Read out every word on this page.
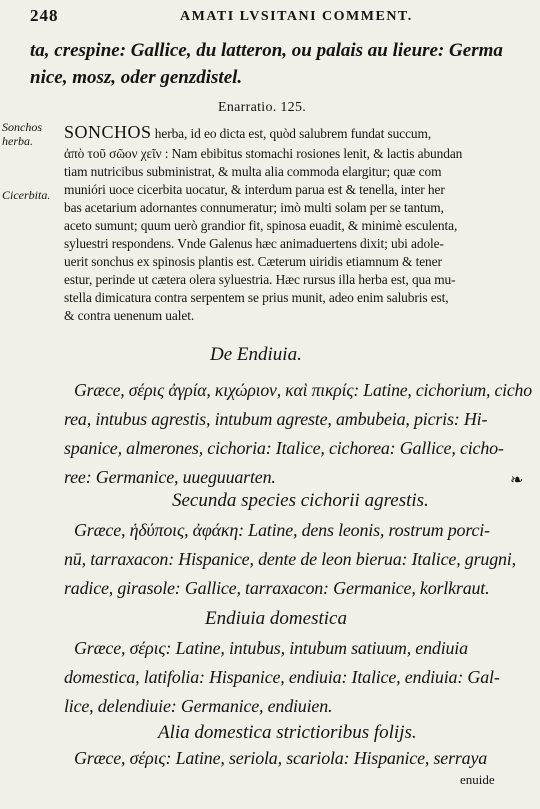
248	AMATI LVSITANI COMMENT.

ta, crespine: Gallice, du latteron, ou palais au lieure: Germa

nice, mosz, oder genzdistel.

Enarratio. 125.

Sonchos herba.

Cicerbita.

SONCHOS herba, id eo dicta est, quòd salubrem fundat succum,

ἀπὸ τοῦ σῶον χεῖν : Nam ebibitus stomachi rosiones lenit, & lactis abundan

tiam nutricibus subministrat, & multa alia commoda elargitur; quæ com

munióri uoce cicerbita uocatur, & interdum parua est & tenella, inter her

bas acetarium adornantes connumeratur; imò multi solam per se tantum,

aceto sumunt; quum uerò grandior fit, spinosa euadit, & minimè esculenta,

syluestri respondens. Vnde Galenus hæc animaduertens dixit; ubi adole-

uerit sonchus ex spinosis plantis est. Cæterum uiridis etiamnum & tener

estur, perinde ut cætera olera syluestria. Hæc rursus illa herba est, qua mu-

stella dimicatura contra serpentem se prius munit, adeo enim salubris est,

& contra uenenum ualet.

De Endiuia.

Græce, σέρις ἀγρία, κιχώριον, καὶ πικρίς: Latine, cichorium, cicho

rea, intubus agrestis, intubum agreste, ambubeia, picris: Hi-

spanice, almerones, cichoria: Italice, cichorea: Gallice, cicho-

ree: Germanice, uueguuarten.	❧

Secunda species cichorii agrestis.

Græce, ἡδύποις, ἀφάκη: Latine, dens leonis, rostrum porci-

nū, tarraxacon: Hispanice, dente de leon bierua: Italice, grugni,

radice, girasole: Gallice, tarraxacon: Germanice, korlkraut.

Endiuia domestica

Græce, σέρις: Latine, intubus, intubum satiuum, endiuia

domestica, latifolia: Hispanice, endiuia: Italice, endiuia: Gal-

lice, delendiuie: Germanice, endiuien.

Alia domestica strictioribus folijs.

Græce, σέρις: Latine, seriola, scariola: Hispanice, serraya

enuide
